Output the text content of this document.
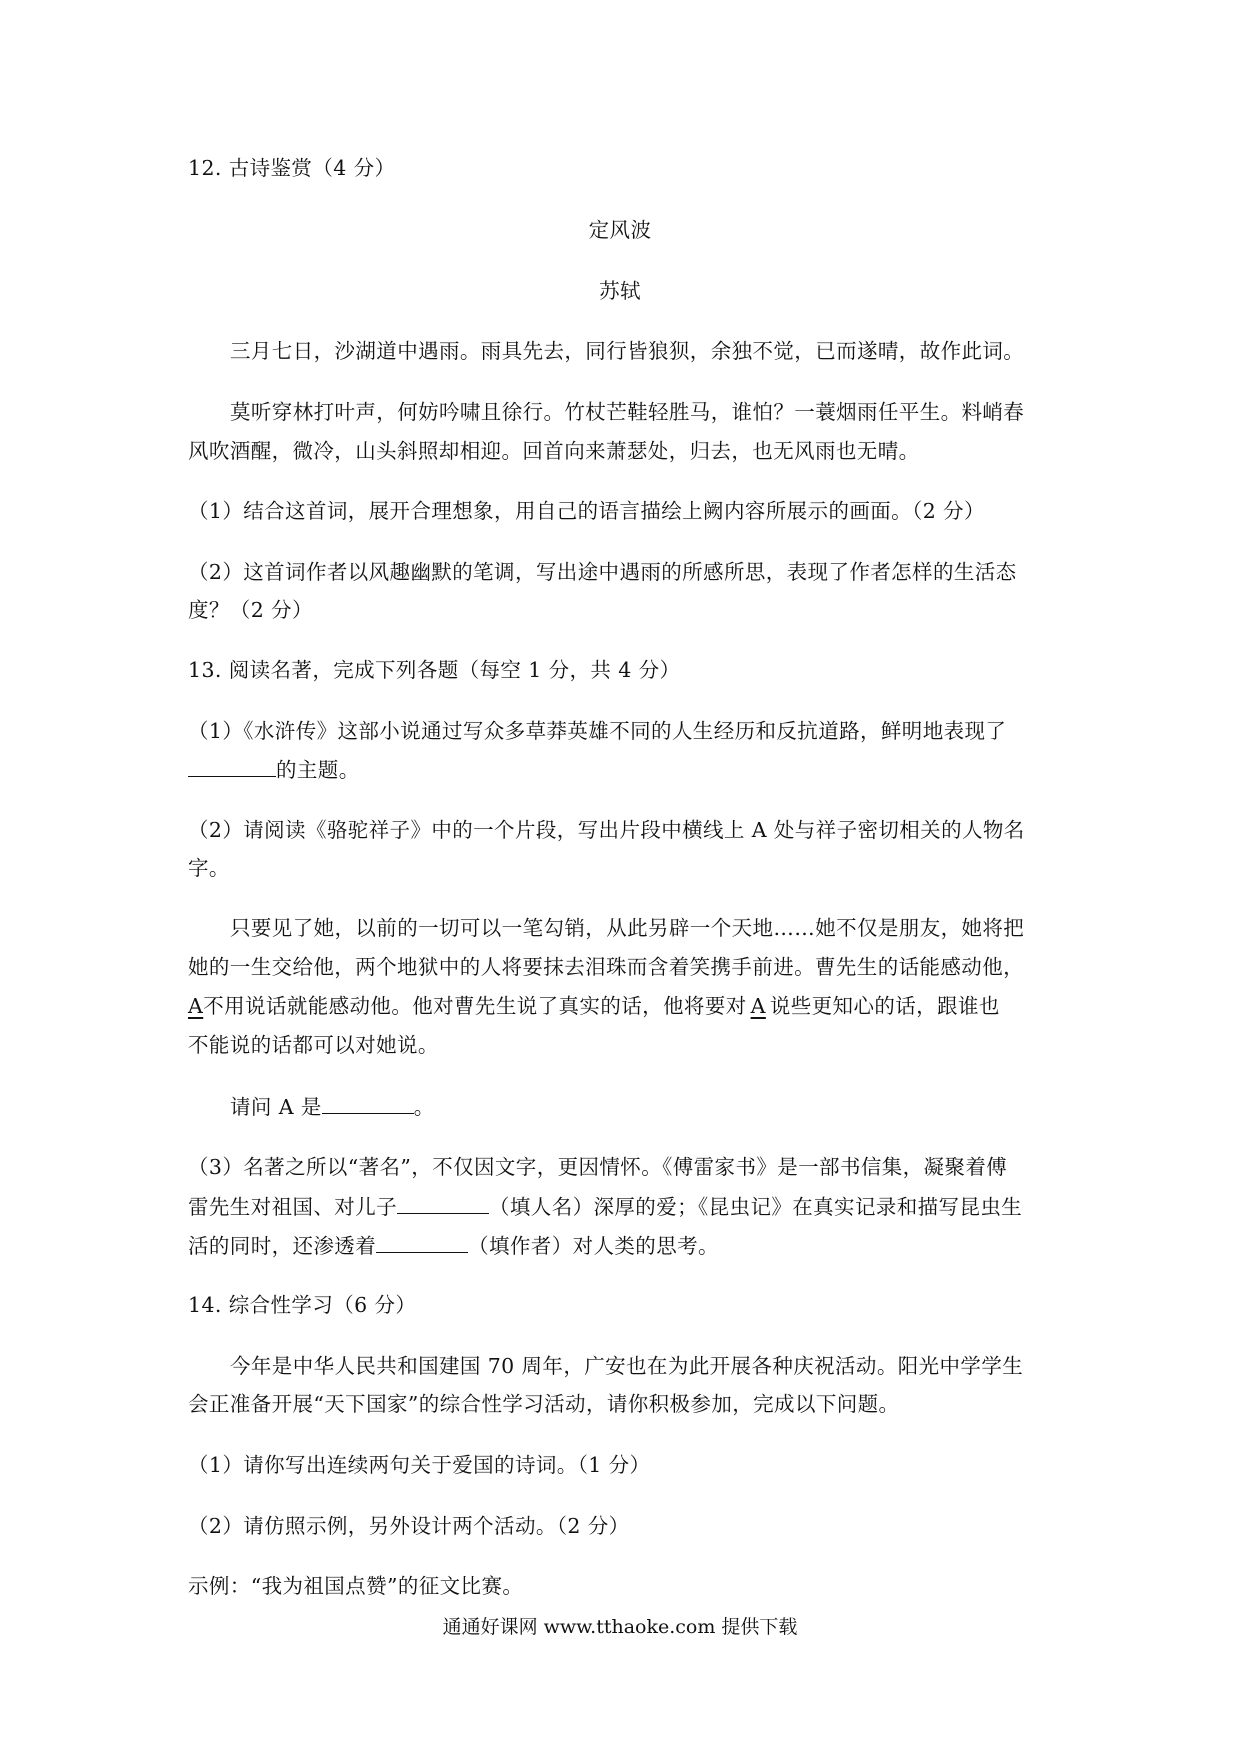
12. 古诗鉴赏（4 分）
定风波
苏轼
三月七日，沙湖道中遇雨。雨具先去，同行皆狼狈，余独不觉，已而遂晴，故作此词。
莫听穿林打叶声，何妨吟啸且徐行。竹杖芒鞋轻胜马，谁怕？一蓑烟雨任平生。料峭春
风吹酒醒，微冷，山头斜照却相迎。回首向来萧瑟处，归去，也无风雨也无晴。
（1）结合这首词，展开合理想象，用自己的语言描绘上阙内容所展示的画面。（2 分）
（2）这首词作者以风趣幽默的笔调，写出途中遇雨的所感所思，表现了作者怎样的生活态
度？（2 分）
13. 阅读名著，完成下列各题（每空 1 分，共 4 分）
（1）《水浒传》这部小说通过写众多草莽英雄不同的人生经历和反抗道路，鲜明地表现了
的主题。
（2）请阅读《骆驼祥子》中的一个片段，写出片段中横线上 A 处与祥子密切相关的人物名
字。
只要见了她，以前的一切可以一笔勾销，从此另辟一个天地……她不仅是朋友，她将把
她的一生交给他，两个地狱中的人将要抹去泪珠而含着笑携手前进。曹先生的话能感动他，
A不用说话就能感动他。他对曹先生说了真实的话，他将要对 A 说些更知心的话，跟谁也
不能说的话都可以对她说。
请问 A 是	。
（3）名著之所以“著名”，不仅因文字，更因情怀。《傅雷家书》是一部书信集，凝聚着傅
雷先生对祖国、对儿子	（填人名）深厚的爱；《昆虫记》在真实记录和描写昆虫生
活的同时，还渗透着	（填作者）对人类的思考。
14. 综合性学习（6 分）
今年是中华人民共和国建国 70 周年，广安也在为此开展各种庆祝活动。阳光中学学生
会正准备开展“天下国家”的综合性学习活动，请你积极参加，完成以下问题。
（1）请你写出连续两句关于爱国的诗词。（1 分）
（2）请仿照示例，另外设计两个活动。（2 分）
示例：“我为祖国点赞”的征文比赛。
通通好课网 www.tthaoke.com 提供下载
